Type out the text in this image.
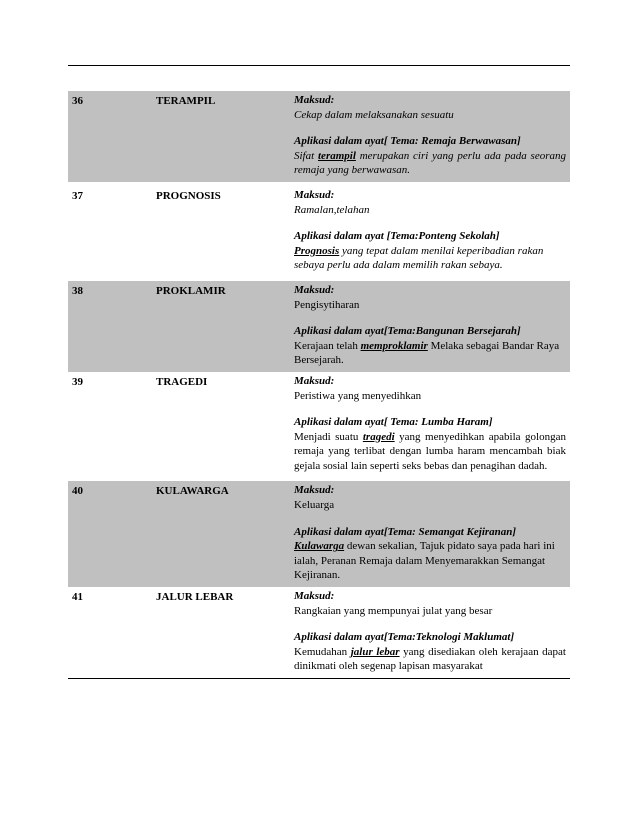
36	TERAMPIL	Maksud:
Cekap dalam melaksanakan sesuatu
Aplikasi dalam ayat[ Tema: Remaja Berwawasan]
Sifat terampil merupakan ciri yang perlu ada pada seorang remaja yang berwawasan.

37	PROGNOSIS	Maksud:
Ramalan,telahan
Aplikasi dalam ayat [Tema:Ponteng Sekolah]
Prognosis yang tepat dalam menilai keperibadian rakan sebaya perlu ada dalam memilih rakan sebaya.

38	PROKLAMIR	Maksud:
Pengisytiharan
Aplikasi dalam ayat[Tema:Bangunan Bersejarah]
Kerajaan telah memproklamir Melaka sebagai Bandar Raya Bersejarah.

39	TRAGEDI	Maksud:
Peristiwa yang menyedihkan
Aplikasi dalam ayat[ Tema: Lumba Haram]
Menjadi suatu tragedi yang menyedihkan apabila golongan remaja yang terlibat dengan lumba haram mencambah biak gejala sosial lain seperti seks bebas dan penagihan dadah.

40	KULAWARGA	Maksud:
Keluarga
Aplikasi dalam ayat[Tema: Semangat Kejiranan]
Kulawarga dewan sekalian, Tajuk pidato saya pada hari ini ialah, Peranan Remaja dalam Menyemarakkan Semangat Kejiranan.

41	JALUR LEBAR	Maksud:
Rangkaian yang mempunyai julat yang besar
Aplikasi dalam ayat[Tema:Teknologi Maklumat]
Kemudahan jalur lebar yang disediakan oleh kerajaan dapat dinikmati oleh segenap lapisan masyarakat
